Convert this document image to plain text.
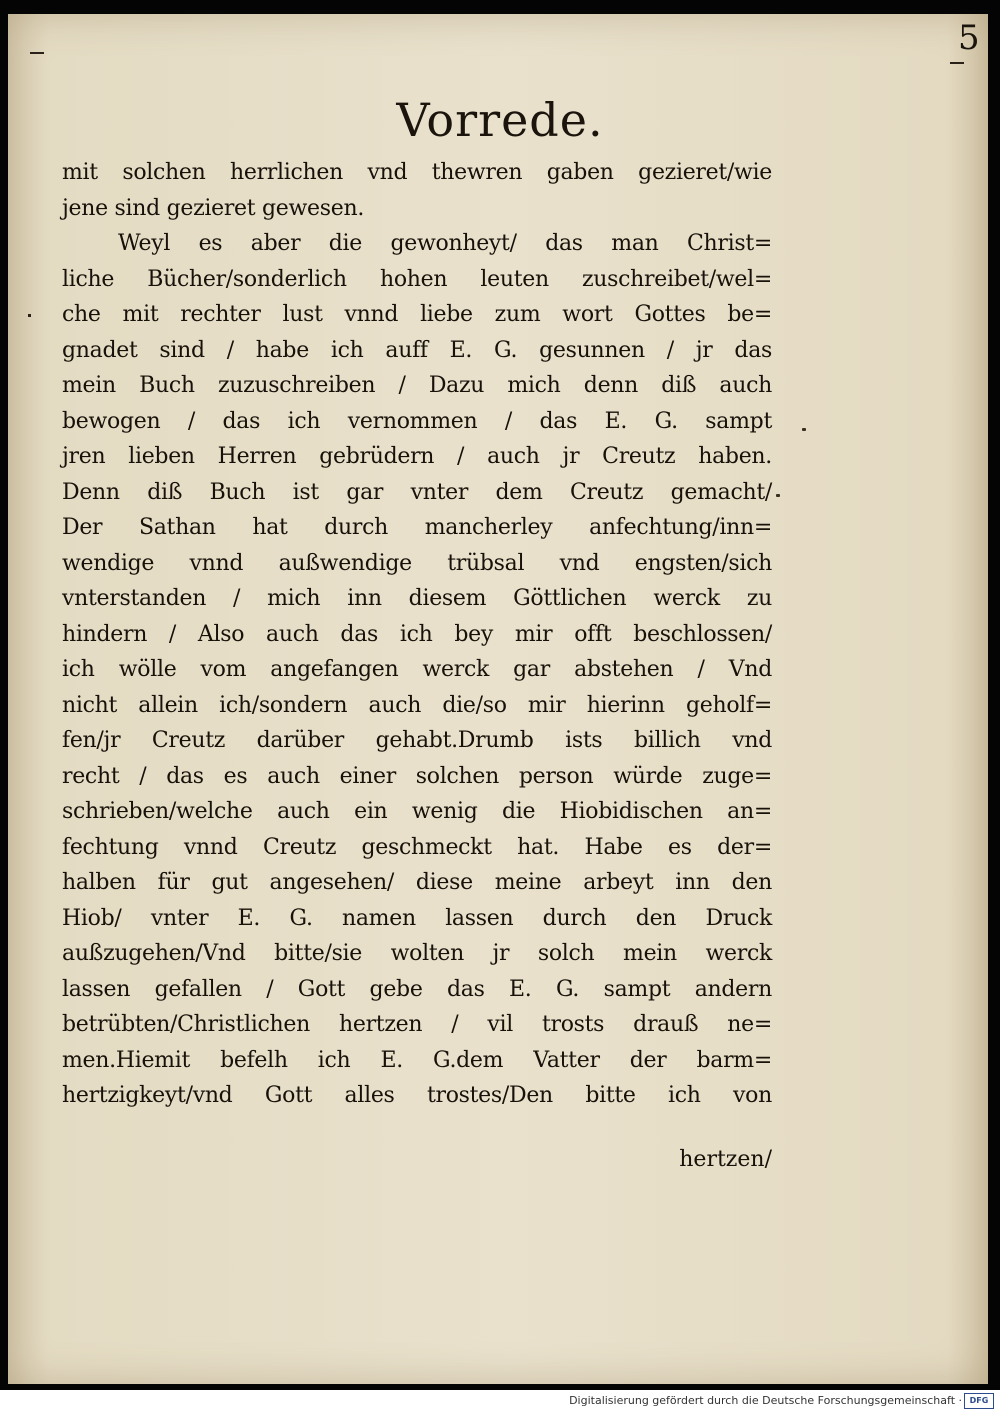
5
Vorrede.
mit solchen herrlichen vnd thewren gaben gezieret/wie
jene sind gezieret gewesen.
Weyl es aber die gewonheyt/ das man Christ=
liche Bücher/sonderlich hohen leuten zuschreibet/wel=
che mit rechter lust vnnd liebe zum wort Gottes be=
gnadet sind / habe ich auff E. G. gesunnen / jr das
mein Buch zuzuschreiben / Dazu mich denn diß auch
bewogen / das ich vernommen / das E. G. sampt
jren lieben Herren gebrüdern / auch jr Creutz haben.
Denn diß Buch ist gar vnter dem Creutz gemacht/
Der Sathan hat durch mancherley anfechtung/inn=
wendige vnnd außwendige trübsal vnd engsten/sich
vnterstanden / mich inn diesem Göttlichen werck zu
hindern / Also auch das ich bey mir offt beschlossen/
ich wölle vom angefangen werck gar abstehen / Vnd
nicht allein ich/sondern auch die/so mir hierinn geholf=
fen/jr Creutz darüber gehabt.Drumb ists billich vnd
recht / das es auch einer solchen person würde zuge=
schrieben/welche auch ein wenig die Hiobidischen an=
fechtung vnnd Creutz geschmeckt hat. Habe es der=
halben für gut angesehen/ diese meine arbeyt inn den
Hiob/ vnter E. G. namen lassen durch den Druck
außzugehen/Vnd bitte/sie wolten jr solch mein werck
lassen gefallen / Gott gebe das E. G. sampt andern
betrübten/Christlichen hertzen / vil trosts drauß ne=
men.Hiemit befelh ich E. G.dem Vatter der barm=
hertzigkeyt/vnd Gott alles trostes/Den bitte ich von
hertzen/
Digitalisierung gefördert durch die Deutsche Forschungsgemeinschaft · DFG
